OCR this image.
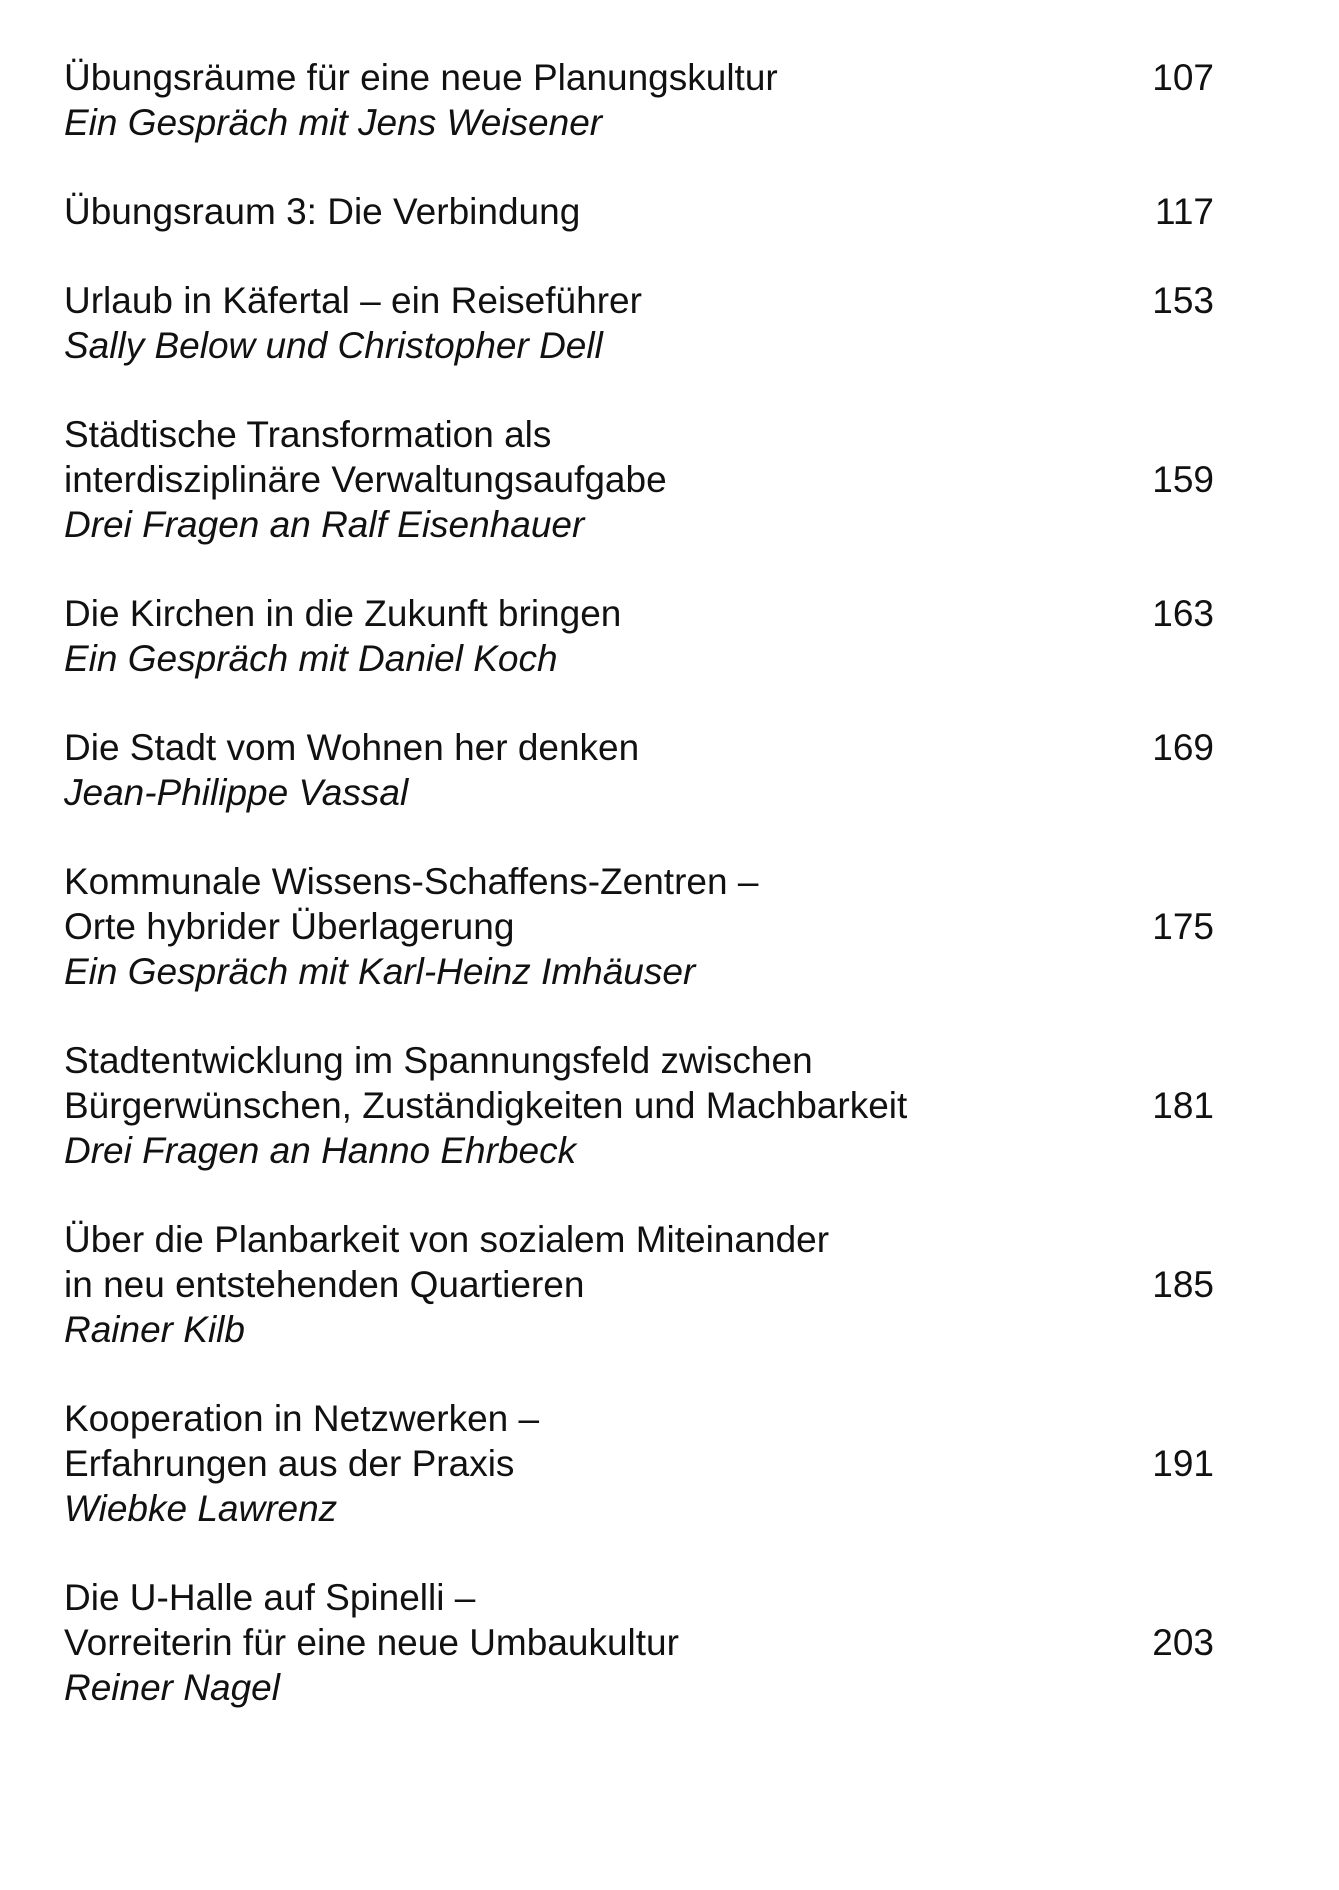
Übungsräume für eine neue Planungskultur
Ein Gespräch mit Jens Weisener
107
Übungsraum 3: Die Verbindung	117
Urlaub in Käfertal – ein Reiseführer
Sally Below und Christopher Dell
153
Städtische Transformation als
interdisziplinäre Verwaltungsaufgabe
Drei Fragen an Ralf Eisenhauer
159
Die Kirchen in die Zukunft bringen
Ein Gespräch mit Daniel Koch
163
Die Stadt vom Wohnen her denken
Jean-Philippe Vassal
169
Kommunale Wissens-Schaffens-Zentren –
Orte hybrider Überlagerung
Ein Gespräch mit Karl-Heinz Imhäuser
175
Stadtentwicklung im Spannungsfeld zwischen
Bürgerwünschen, Zuständigkeiten und Machbarkeit
Drei Fragen an Hanno Ehrbeck
181
Über die Planbarkeit von sozialem Miteinander
in neu entstehenden Quartieren
Rainer Kilb
185
Kooperation in Netzwerken –
Erfahrungen aus der Praxis
Wiebke Lawrenz
191
Die U-Halle auf Spinelli –
Vorreiterin für eine neue Umbaukultur
Reiner Nagel
203
